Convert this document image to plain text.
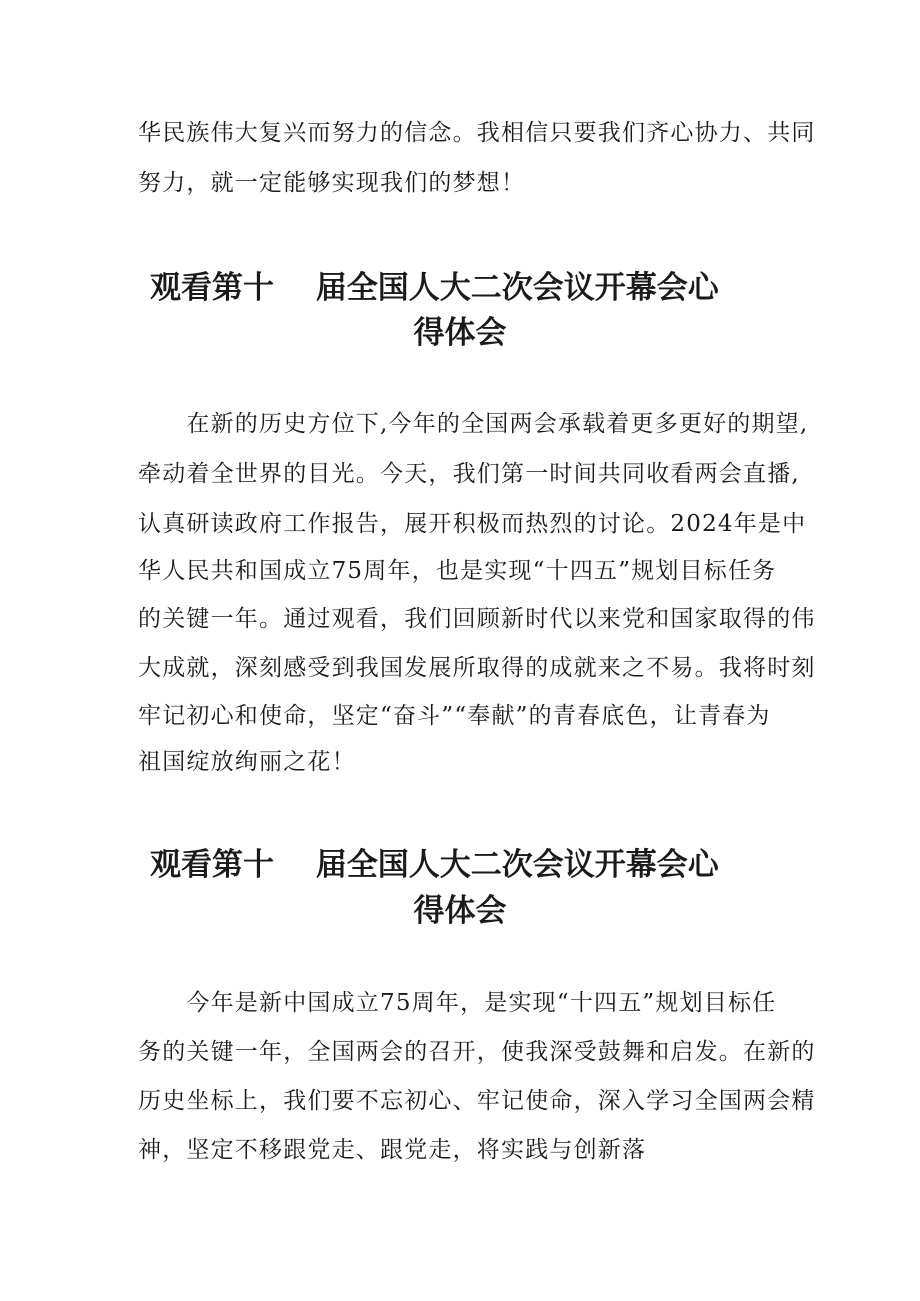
华民族伟大复兴而努力的信念。我相信只要我们齐心协力、共同
努力，就一定能够实现我们的梦想！
观看第十　 届全国人大二次会议开幕会心
得体会
　　在新的历史方位下,今年的全国两会承载着更多更好的期望,
牵动着全世界的目光。今天，我们第一时间共同收看两会直播,
认真研读政府工作报告，展开积极而热烈的讨论。2024年是中
华人民共和国成立75周年，也是实现“十四五”规划目标任务
的关键一年。通过观看，我们回顾新时代以来党和国家取得的伟
大成就，深刻感受到我国发展所取得的成就来之不易。我将时刻
牢记初心和使命，坚定“奋斗”“奉献”的青春底色，让青春为
祖国绽放绚丽之花！
观看第十　 届全国人大二次会议开幕会心
得体会
　　今年是新中国成立75周年，是实现“十四五”规划目标任
务的关键一年，全国两会的召开，使我深受鼓舞和启发。在新的
历史坐标上，我们要不忘初心、牢记使命，深入学习全国两会精
神，坚定不移跟党走、跟党走，将实践与创新落
